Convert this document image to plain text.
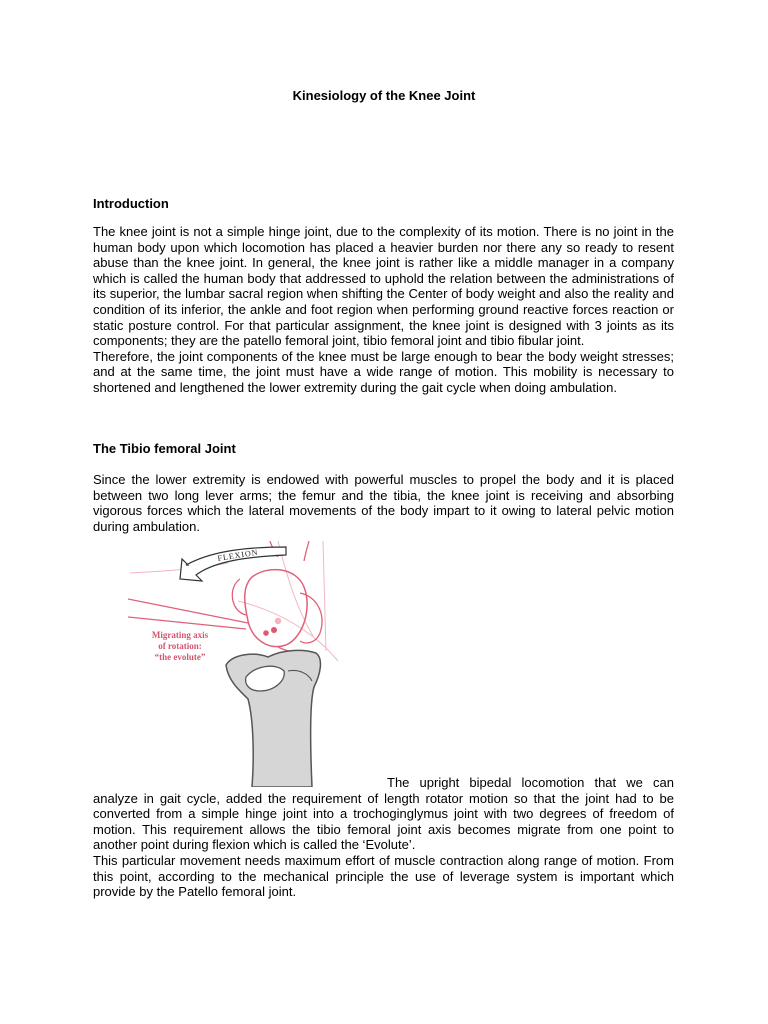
Kinesiology of the Knee Joint
Introduction

The knee joint is not a simple hinge joint, due to the complexity of its motion. There is no joint in the human body upon which locomotion has placed a heavier burden nor there any so ready to resent abuse than the knee joint. In general, the knee joint is rather like a middle manager in a company which is called the human body that addressed to uphold the relation between the administrations of its superior, the lumbar sacral region when shifting the Center of body weight and also the reality and condition of its inferior, the ankle and foot region when performing ground reactive forces reaction or static posture control. For that particular assignment, the knee joint is designed with 3 joints as its components; they are the patello femoral joint, tibio femoral joint and tibio fibular joint.

Therefore, the joint components of the knee must be large enough to bear the body weight stresses; and at the same time, the joint must have a wide range of motion. This mobility is necessary to shortened and lengthened the lower extremity during the gait cycle when doing ambulation.

The Tibio femoral Joint

Since the lower extremity is endowed with powerful muscles to propel the body and it is placed between two long lever arms; the femur and the tibia, the knee joint is receiving and absorbing vigorous forces which the lateral movements of the body impart to it owing to lateral pelvic motion during ambulation.

FLEXION
Migrating axis
of rotation:
“the evolute”

The upright bipedal locomotion that we can analyze in gait cycle, added the requirement of length rotator motion so that the joint had to be converted from a simple hinge joint into a trochoginglymus joint with two degrees of freedom of motion. This requirement allows the tibio femoral joint axis becomes migrate from one point to another point during flexion which is called the ‘Evolute’.

This particular movement needs maximum effort of muscle contraction along range of motion. From this point, according to the mechanical principle the use of leverage system is important which provide by the Patello femoral joint.
